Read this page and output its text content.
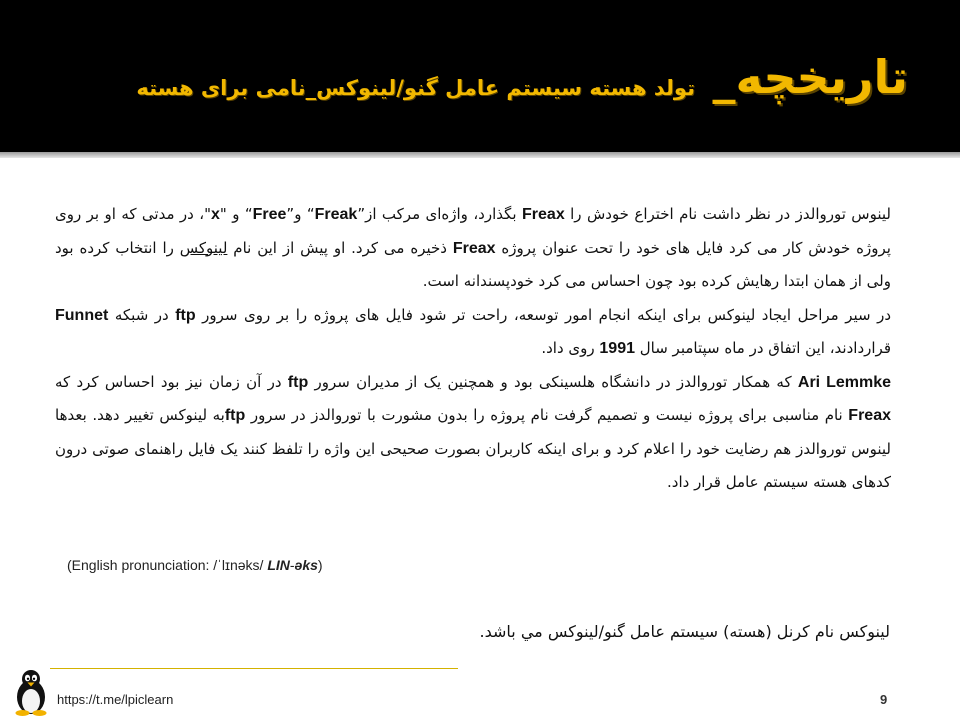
تاریخچه_
تولد هسته سیستم عامل گنو/لینوکس_نامی برای هسته

لینوس توروالدز در نظر داشت نام اختراع خودش را Freax بگذارد، واژه‌ای مرکب از”Freak“ و”Free“ و "x"، در مدتی که او بر روی پروژه خودش کار می کرد فایل های خود را تحت عنوان پروژه Freax ذخیره می کرد. او پیش از این نام لینوکس را انتخاب کرده بود ولی از همان ابتدا رهایش کرده بود چون احساس می کرد خودپسندانه است.

در سیر مراحل ایجاد لینوکس برای اینکه انجام امور توسعه، راحت تر شود فایل های پروژه را بر روی سرور ftp در شبکه Funnet قراردادند، این اتفاق در ماه سپتامبر سال 1991 روی داد.

Ari Lemmke که همکار توروالدز در دانشگاه هلسینکی بود و همچنین یک از مدیران سرور ftp در آن زمان نیز بود احساس کرد که Freax نام مناسبی برای پروژه نیست و تصمیم گرفت نام پروژه را بدون مشورت با توروالدز در سرور ftpبه لینوکس تغییر دهد. بعدها لینوس توروالدز هم رضایت خود را اعلام کرد و برای اینکه کاربران بصورت صحیحی این واژه را تلفظ کنند یک فایل راهنمای صوتی درون کدهای هسته سیستم عامل قرار داد.

(English pronunciation: /ˈlɪnəks/ LIN-əks)
لینوکس نام کرنل (هسته) سیستم عامل گنو/لینوکس مي باشد.
https://t.me/lpiclearn	9
